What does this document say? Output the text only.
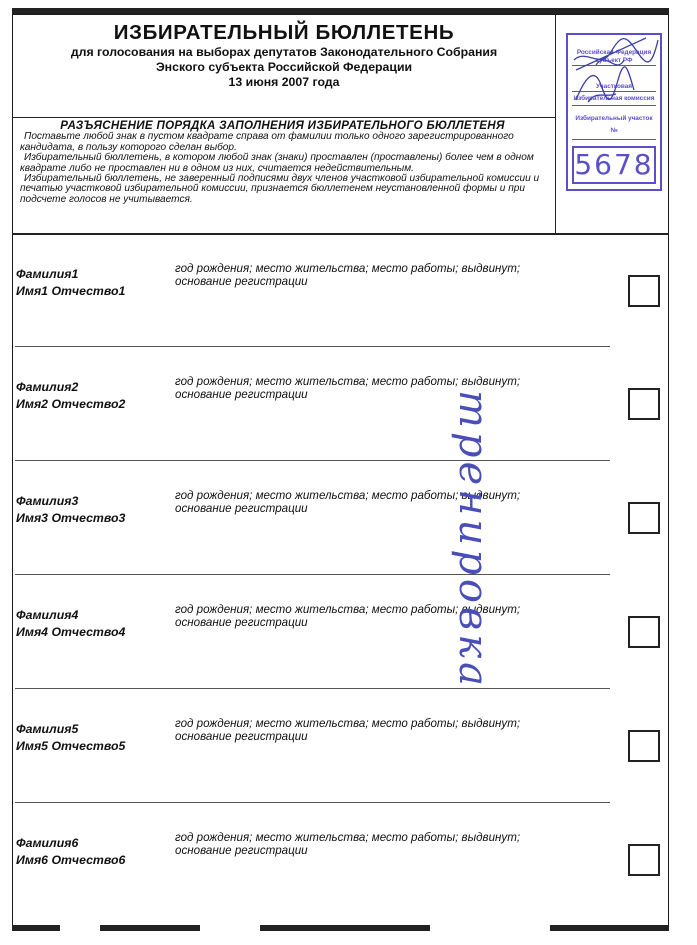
ИЗБИРАТЕЛЬНЫЙ БЮЛЛЕТЕНЬ
для голосования на выборах депутатов Законодательного Собрания
Энского субъекта Российской Федерации
13 июня 2007 года
РАЗЪЯСНЕНИЕ ПОРЯДКА ЗАПОЛНЕНИЯ ИЗБИРАТЕЛЬНОГО БЮЛЛЕТЕНЯ

Поставьте любой знак в пустом квадрате справа от фамилии только одного зарегистрированного кандидата, в пользу которого сделан выбор.

Избирательный бюллетень, в котором любой знак (знаки) проставлен (проставлены) более чем в одном квадрате либо не проставлен ни в одном из них, считается недействительным.

Избирательный бюллетень, не заверенный подписями двух членов участковой избирательной комиссии и печатью участковой избирательной комиссии, признается бюллетенем неустановленной формы и при подсчете голосов не учитывается.

Российская Федерация
субъект РФ
Участковая
Избирательная комиссия
Избирательный участок
№
5678
Фамилия1
Имя1 Отчество1
год рождения; место жительства; место работы; выдвинут;
основание регистрации
Фамилия2
Имя2 Отчество2
год рождения; место жительства; место работы; выдвинут;
основание регистрации
Фамилия3
Имя3 Отчество3
год рождения; место жительства; место работы; выдвинут;
основание регистрации
Фамилия4
Имя4 Отчество4
год рождения; место жительства; место работы; выдвинут;
основание регистрации
Фамилия5
Имя5 Отчество5
год рождения; место жительства; место работы; выдвинут;
основание регистрации
Фамилия6
Имя6 Отчество6
год рождения; место жительства; место работы; выдвинут;
основание регистрации
тренировка
